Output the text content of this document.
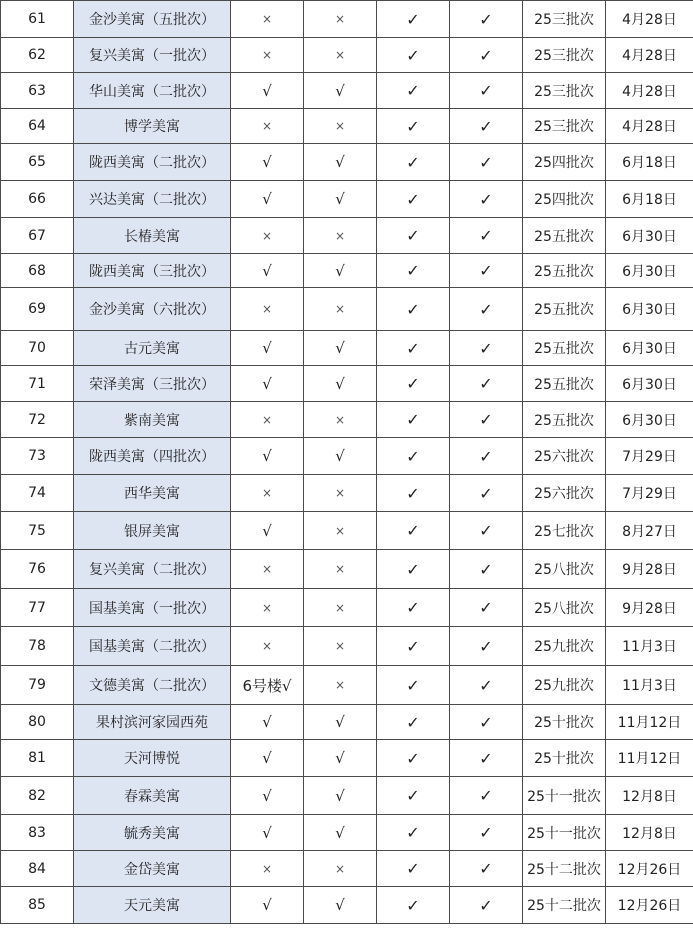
61	金沙美寓（五批次）	×	×	✓	✓	25三批次	4月28日
62	复兴美寓（一批次）	×	×	✓	✓	25三批次	4月28日
63	华山美寓（二批次）	√	√	✓	✓	25三批次	4月28日
64	博学美寓	×	×	✓	✓	25三批次	4月28日
65	陇西美寓（二批次）	√	√	✓	✓	25四批次	6月18日
66	兴达美寓（二批次）	√	√	✓	✓	25四批次	6月18日
67	长椿美寓	×	×	✓	✓	25五批次	6月30日
68	陇西美寓（三批次）	√	√	✓	✓	25五批次	6月30日
69	金沙美寓（六批次）	×	×	✓	✓	25五批次	6月30日
70	古元美寓	√	√	✓	✓	25五批次	6月30日
71	荣泽美寓（三批次）	√	√	✓	✓	25五批次	6月30日
72	紫南美寓	×	×	✓	✓	25五批次	6月30日
73	陇西美寓（四批次）	√	√	✓	✓	25六批次	7月29日
74	西华美寓	×	×	✓	✓	25六批次	7月29日
75	银屏美寓	√	×	✓	✓	25七批次	8月27日
76	复兴美寓（二批次）	×	×	✓	✓	25八批次	9月28日
77	国基美寓（一批次）	×	×	✓	✓	25八批次	9月28日
78	国基美寓（二批次）	×	×	✓	✓	25九批次	11月3日
79	文德美寓（二批次）	6号楼√	×	✓	✓	25九批次	11月3日
80	果村滨河家园西苑	√	√	✓	✓	25十批次	11月12日
81	天河博悦	√	√	✓	✓	25十批次	11月12日
82	春霖美寓	√	√	✓	✓	25十一批次	12月8日
83	毓秀美寓	√	√	✓	✓	25十一批次	12月8日
84	金岱美寓	×	×	✓	✓	25十二批次	12月26日
85	天元美寓	√	√	✓	✓	25十二批次	12月26日
